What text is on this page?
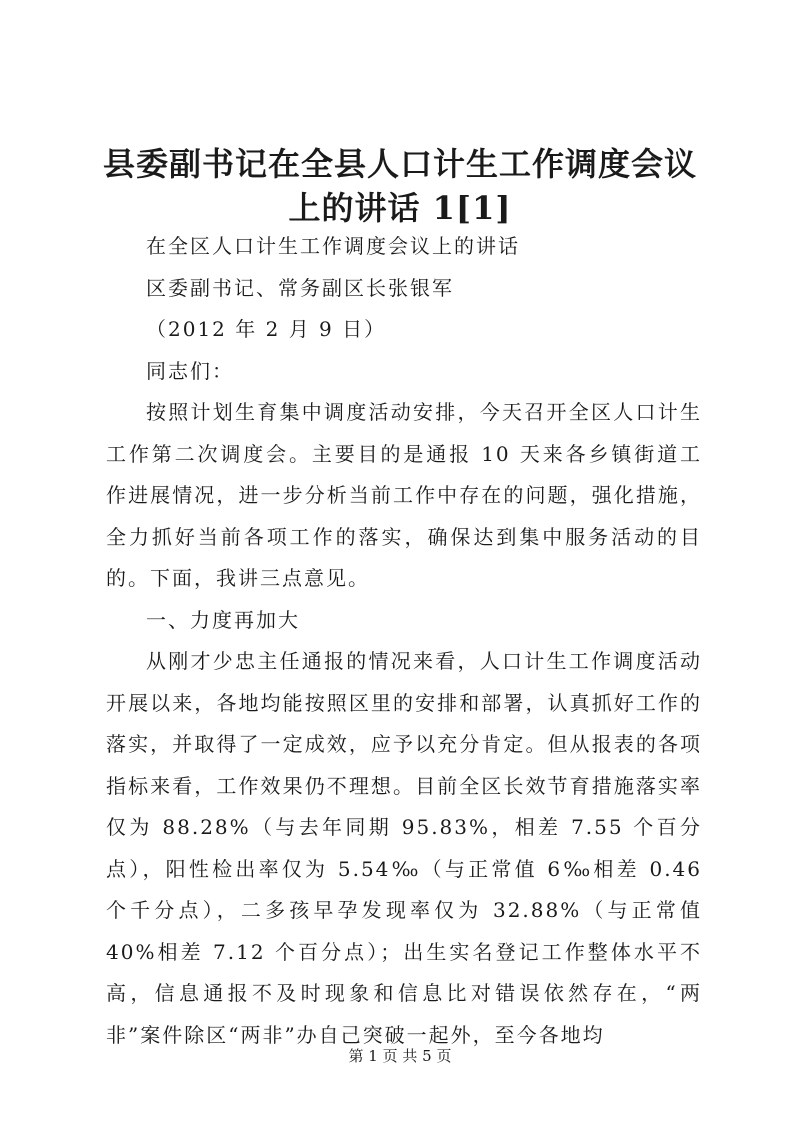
县委副书记在全县人口计生工作调度会议上的讲话 1[1]

在全区人口计生工作调度会议上的讲话

区委副书记、常务副区长张银军

（2012 年 2 月 9 日）

同志们：

按照计划生育集中调度活动安排，今天召开全区人口计生工作第二次调度会。主要目的是通报 10 天来各乡镇街道工作进展情况，进一步分析当前工作中存在的问题，强化措施，全力抓好当前各项工作的落实，确保达到集中服务活动的目的。下面，我讲三点意见。

一、力度再加大

从刚才少忠主任通报的情况来看，人口计生工作调度活动开展以来，各地均能按照区里的安排和部署，认真抓好工作的落实，并取得了一定成效，应予以充分肯定。但从报表的各项指标来看，工作效果仍不理想。目前全区长效节育措施落实率仅为 88.28%（与去年同期 95.83%，相差 7.55 个百分点），阳性检出率仅为 5.54‰（与正常值 6‰相差 0.46 个千分点），二多孩早孕发现率仅为 32.88%（与正常值 40%相差 7.12 个百分点）；出生实名登记工作整体水平不高，信息通报不及时现象和信息比对错误依然存在，“两非”案件除区“两非”办自己突破一起外，至今各地均

第 1 页 共 5 页
